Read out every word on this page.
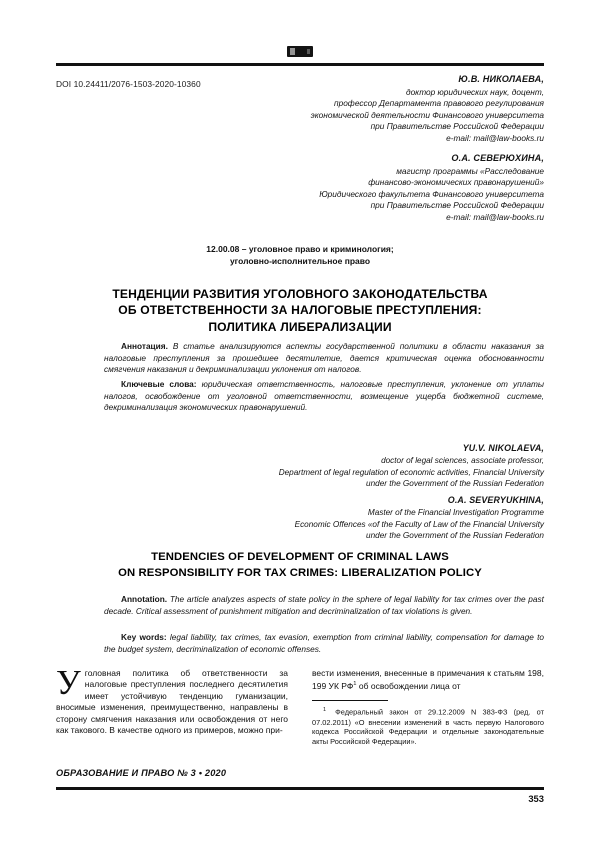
DOI 10.24411/2076-1503-2020-10360	Ю.В. НИКОЛАЕВА,
доктор юридических наук, доцент,
профессор Департамента правового регулирования
экономической деятельности Финансового университета
при Правительстве Российской Федерации
e-mail: mail@law-books.ru
О.А. СЕВЕРЮХИНА,
магистр программы «Расследование
финансово-экономических правонарушений»
Юридического факультета Финансового университета
при Правительстве Российской Федерации
e-mail: mail@law-books.ru
12.00.08 – уголовное право и криминология;
уголовно-исполнительное право
ТЕНДЕНЦИИ РАЗВИТИЯ УГОЛОВНОГО ЗАКОНОДАТЕЛЬСТВА
ОБ ОТВЕТСТВЕННОСТИ ЗА НАЛОГОВЫЕ ПРЕСТУПЛЕНИЯ:
ПОЛИТИКА ЛИБЕРАЛИЗАЦИИ

Аннотация. В статье анализируются аспекты государственной политики в области наказания за налоговые преступления за прошедшее десятилетие, дается критическая оценка обоснованности смягчения наказания и декриминализации уклонения от налогов.

Ключевые слова: юридическая ответственность, налоговые преступления, уклонение от уплаты налогов, освобождение от уголовной ответственности, возмещение ущерба бюджетной системе, декриминализация экономических правонарушений.

YU.V. NIKOLAEVA,
doctor of legal sciences, associate professor,
Department of legal regulation of economic activities, Financial University
under the Government of the Russian Federation
O.A. SEVERYUKHINA,
Master of the Financial Investigation Programme
Economic Offences «of the Faculty of Law of the Financial University
under the Government of the Russian Federation
TENDENCIES OF DEVELOPMENT OF CRIMINAL LAWS
ON RESPONSIBILITY FOR TAX CRIMES: LIBERALIZATION POLICY

Annotation. The article analyzes aspects of state policy in the sphere of legal liability for tax crimes over the past decade. Critical assessment of punishment mitigation and decriminalization of tax violations is given.

Key words: legal liability, tax crimes, tax evasion, exemption from criminal liability, compensation for damage to the budget system, decriminalization of economic offenses.

Уголовная политика об ответственности за налоговые преступления последнего десятилетия имеет устойчивую тенденцию гуманизации, вносимые изменения, преимущественно, направлены в сторону смягчения наказания или освобождения от него как такового. В качестве одного из примеров, можно при-

вести изменения, внесенные в примечания к статьям 198, 199 УК РФ$^1$ об освобождении лица от

$^1$ Федеральный закон от 29.12.2009 N 383-ФЗ (ред. от 07.02.2011) «О внесении изменений в часть первую Налогового кодекса Российской Федерации и отдельные законодательные акты Российской Федерации».

ОБРАЗОВАНИЕ И ПРАВО № 3 • 2020
353
